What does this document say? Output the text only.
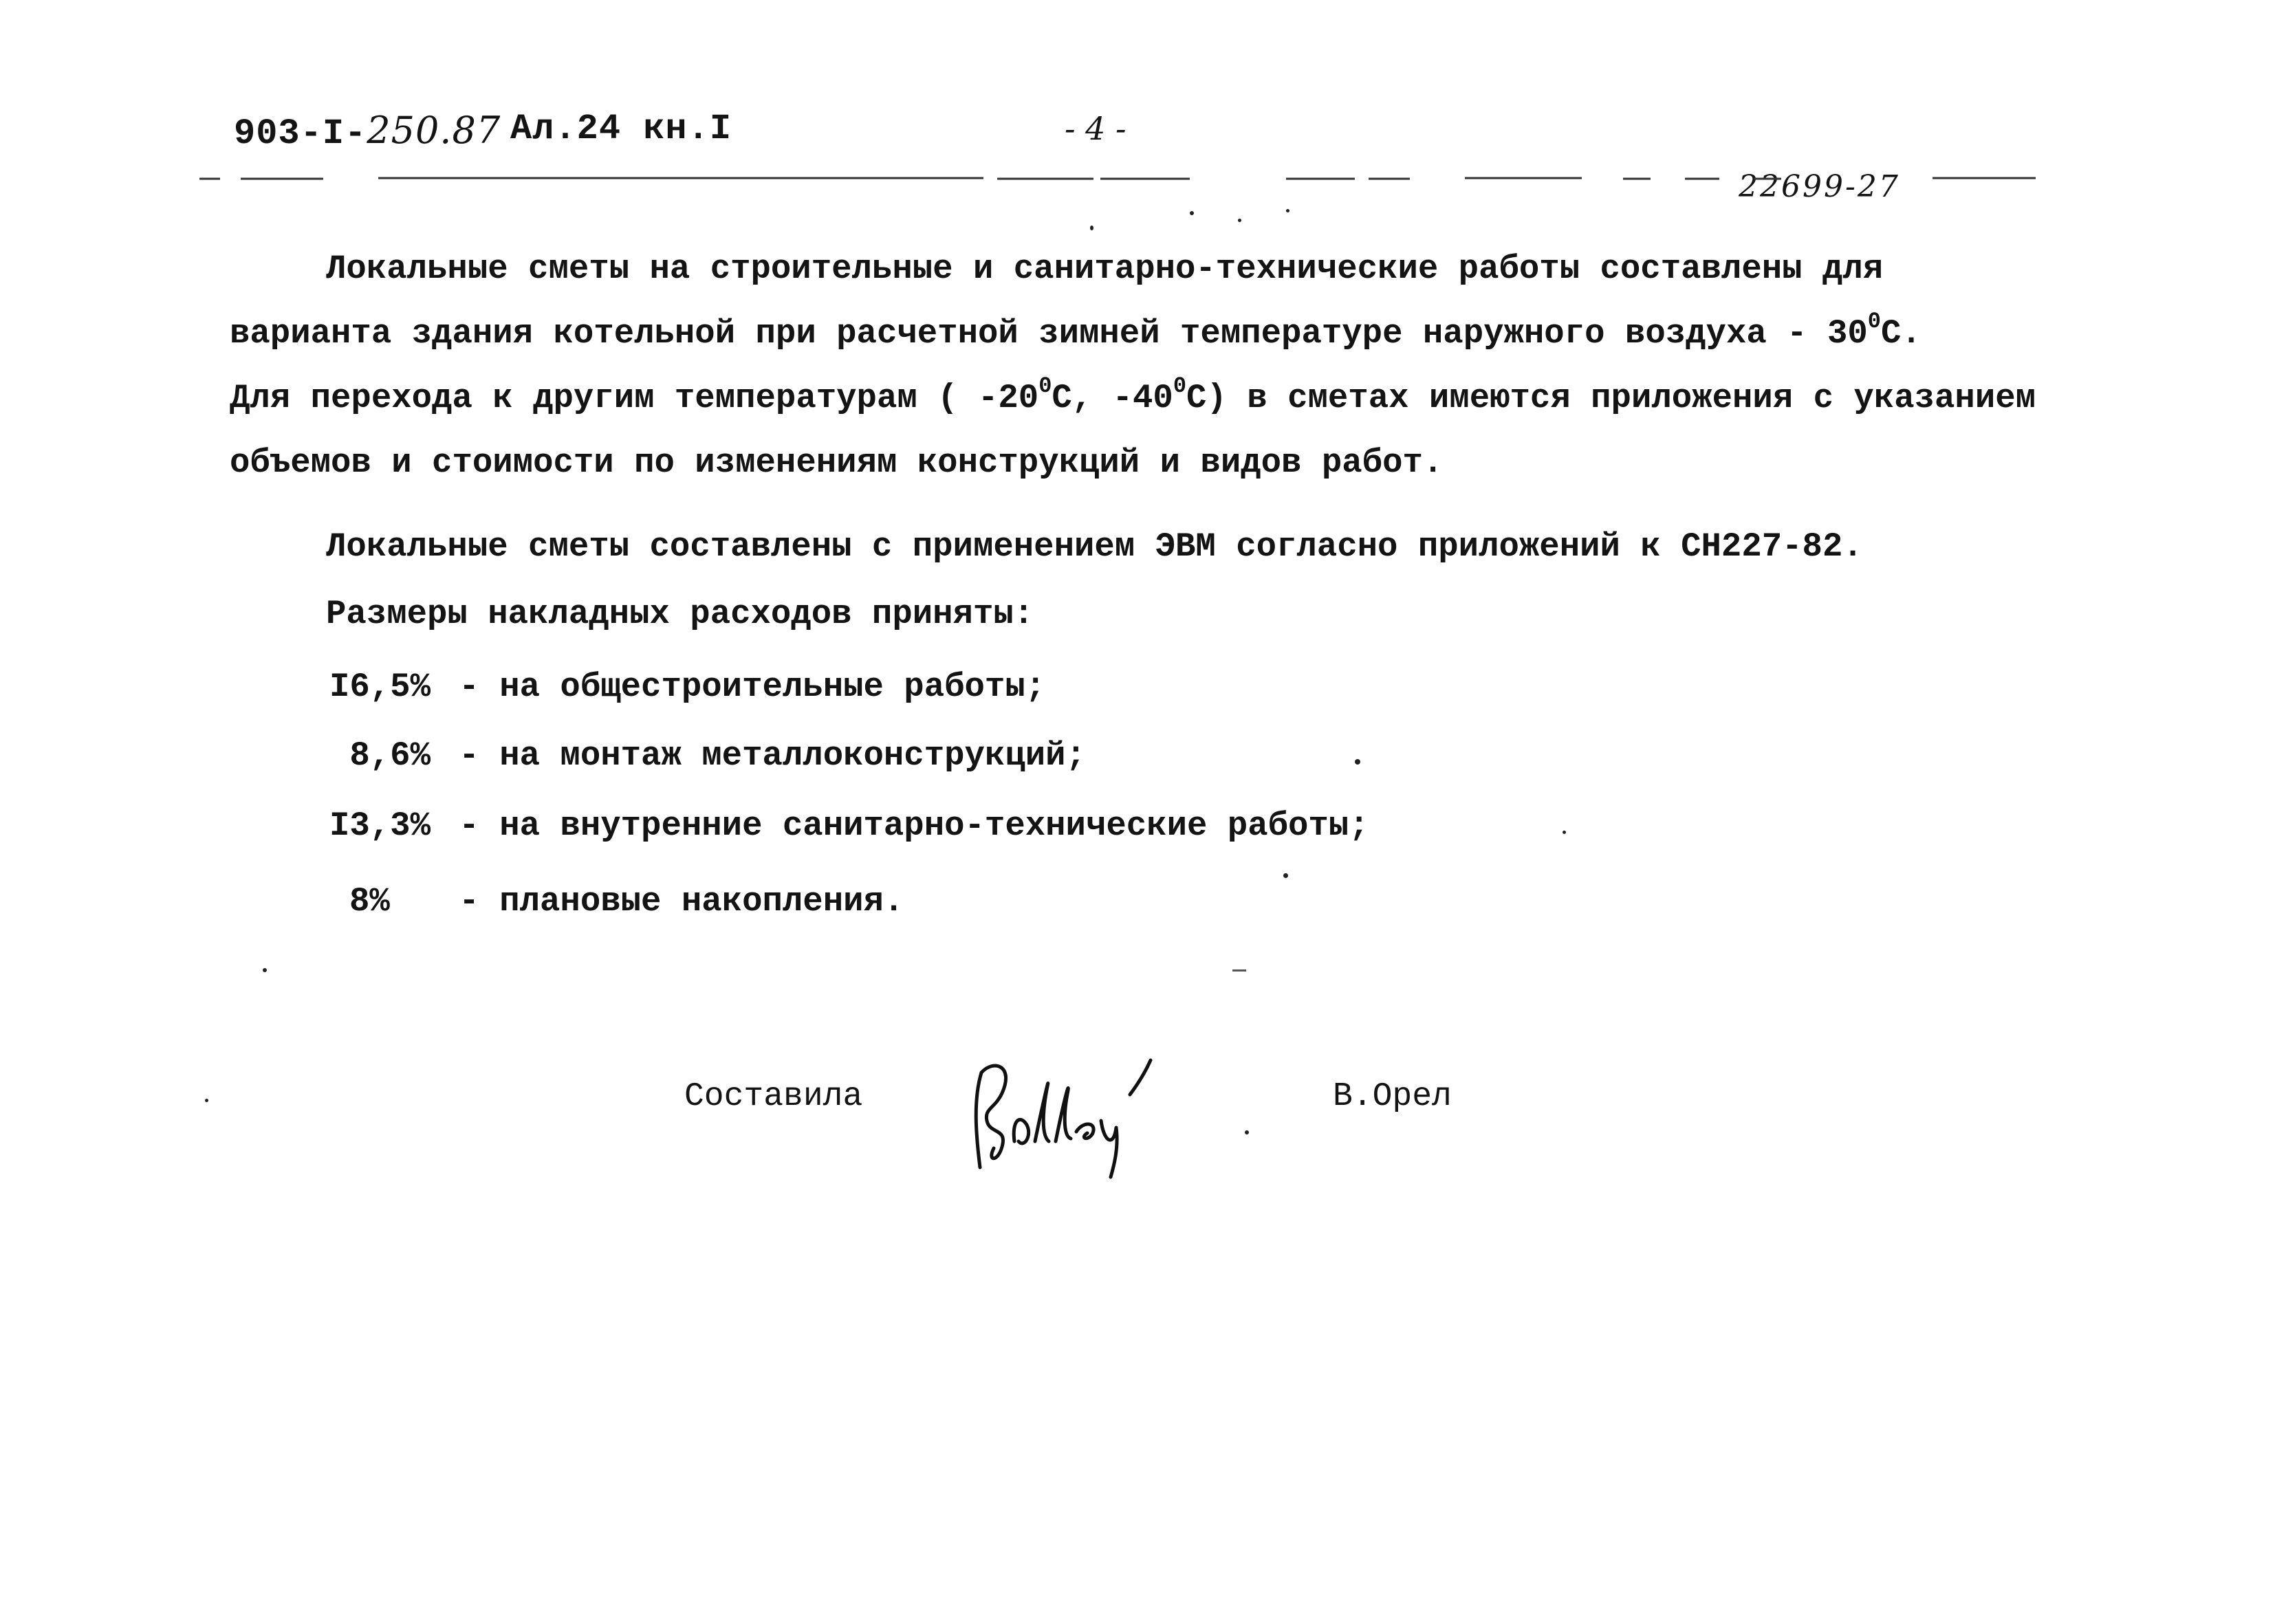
903-I-250.87 Ал.24 кн.I	- 4 -
22699-27
Локальные сметы на строительные и санитарно-технические работы составлены для
варианта здания котельной при расчетной зимней температуре наружного воздуха - $30^0С$.
Для перехода к другим температурам ( $-20^0С$, $-40^0С$) в сметах имеются приложения с указанием
объемов и стоимости по изменениям конструкций и видов работ.
Локальные сметы составлены с применением ЭВМ согласно приложений к СН227-82.
Размеры накладных расходов приняты:
I6,5% - на общестроительные работы;
8,6% - на монтаж металлоконструкций;
I3,3% - на внутренние санитарно-технические работы;
8% - плановые накопления.
Составила	В.Орел
